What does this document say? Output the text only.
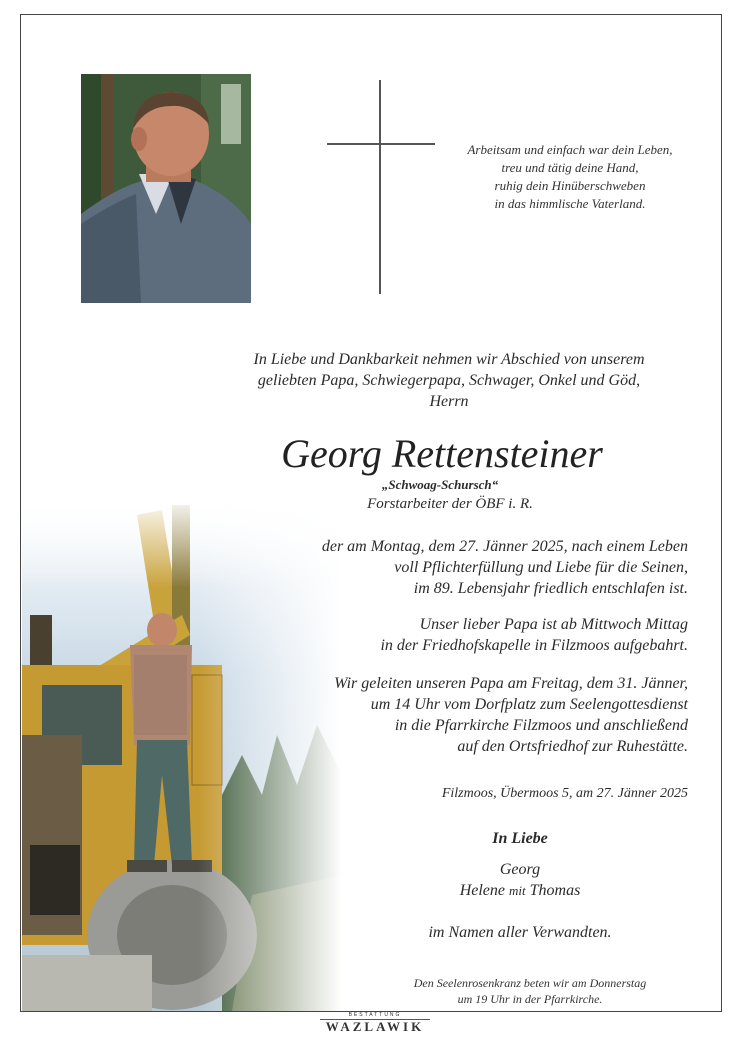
Arbeitsam und einfach war dein Leben,
treu und tätig deine Hand,
ruhig dein Hinüberschweben
in das himmlische Vaterland.
In Liebe und Dankbarkeit nehmen wir Abschied von unserem
geliebten Papa, Schwiegerpapa, Schwager, Onkel und Göd,
Herrn
Georg Rettensteiner
„Schwoag-Schursch“
Forstarbeiter der ÖBF i. R.
der am Montag, dem 27. Jänner 2025, nach einem Leben
voll Pflichterfüllung und Liebe für die Seinen,
im 89. Lebensjahr friedlich entschlafen ist.
Unser lieber Papa ist ab Mittwoch Mittag
in der Friedhofskapelle in Filzmoos aufgebahrt.
Wir geleiten unseren Papa am Freitag, dem 31. Jänner,
um 14 Uhr vom Dorfplatz zum Seelengottesdienst
in die Pfarrkirche Filzmoos und anschließend
auf den Ortsfriedhof zur Ruhestätte.
Filzmoos, Übermoos 5, am 27. Jänner 2025
In Liebe
Georg
Helene mit Thomas
im Namen aller Verwandten.
Den Seelenrosenkranz beten wir am Donnerstag
um 19 Uhr in der Pfarrkirche.
BESTATTUNG
WAZLAWIK
